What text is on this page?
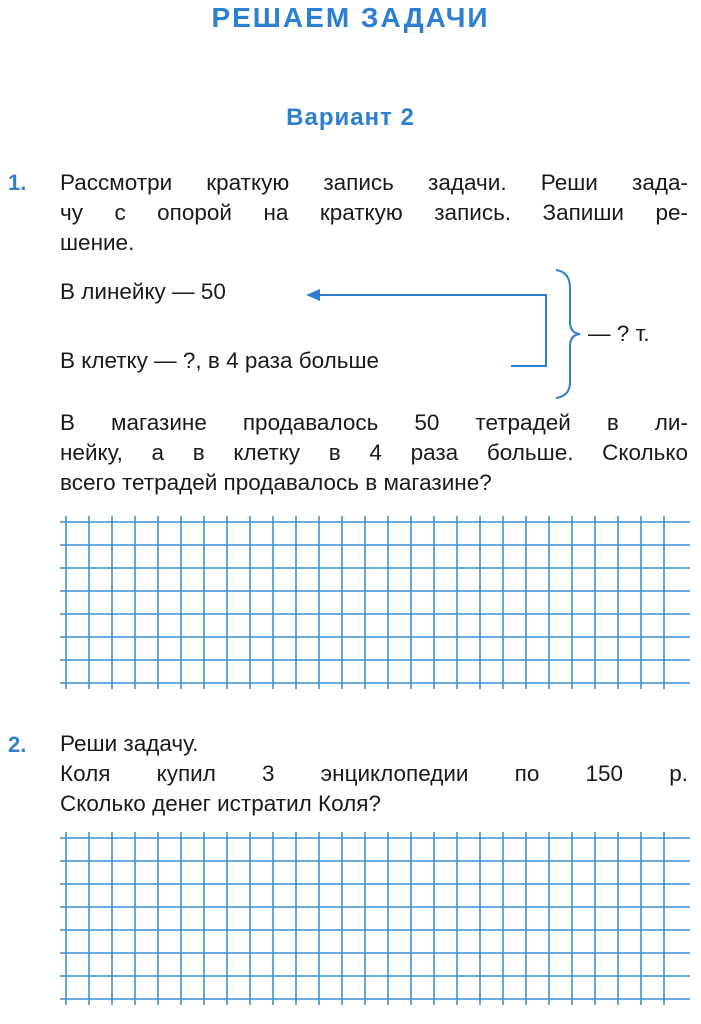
РЕШАЕМ ЗАДАЧИ
Вариант 2
1. Рассмотри краткую запись задачи. Реши зада-
чу с опорой на краткую запись. Запиши ре-
шение.
В линейку — 50
В клетку — ?, в 4 раза больше
— ? т.
В магазине продавалось 50 тетрадей в ли-
нейку, а в клетку в 4 раза больше. Сколько
всего тетрадей продавалось в магазине?
2. Реши задачу.
Коля купил 3 энциклопедии по 150 р.
Сколько денег истратил Коля?
